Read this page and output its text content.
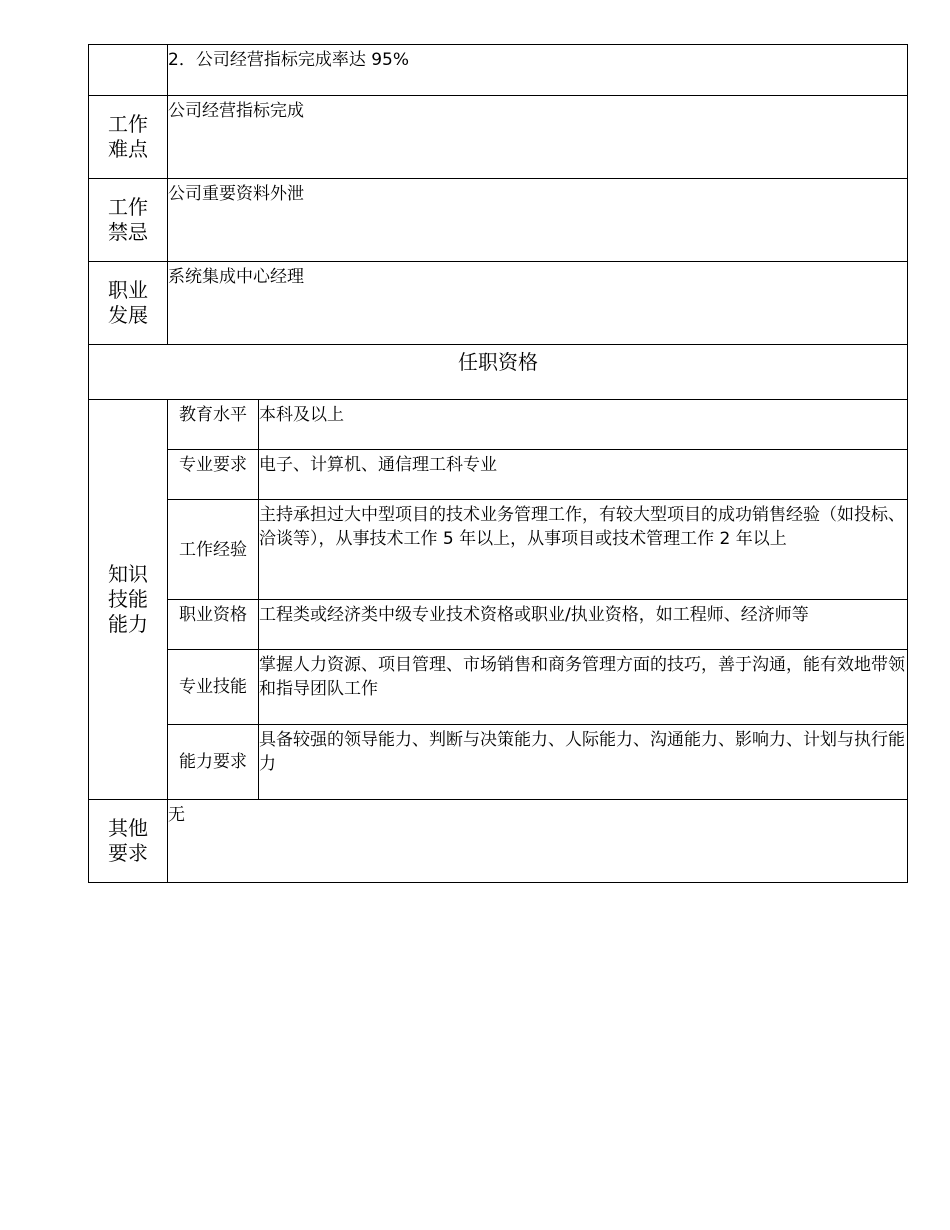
	2．公司经营指标完成率达 95%	
工作难点	公司经营指标完成	
工作禁忌	公司重要资料外泄	
职业发展	系统集成中心经理	
任职资格		
知识技能能力	教育水平	本科及以上
	专业要求	电子、计算机、通信理工科专业
	工作经验	主持承担过大中型项目的技术业务管理工作，有较大型项目的成功销售经验（如投标、洽谈等），从事技术工作 5 年以上，从事项目或技术管理工作 2 年以上
	职业资格	工程类或经济类中级专业技术资格或职业/执业资格，如工程师、经济师等
	专业技能	掌握人力资源、项目管理、市场销售和商务管理方面的技巧，善于沟通，能有效地带领和指导团队工作
	能力要求	具备较强的领导能力、判断与决策能力、人际能力、沟通能力、影响力、计划与执行能力
其他要求	无	
